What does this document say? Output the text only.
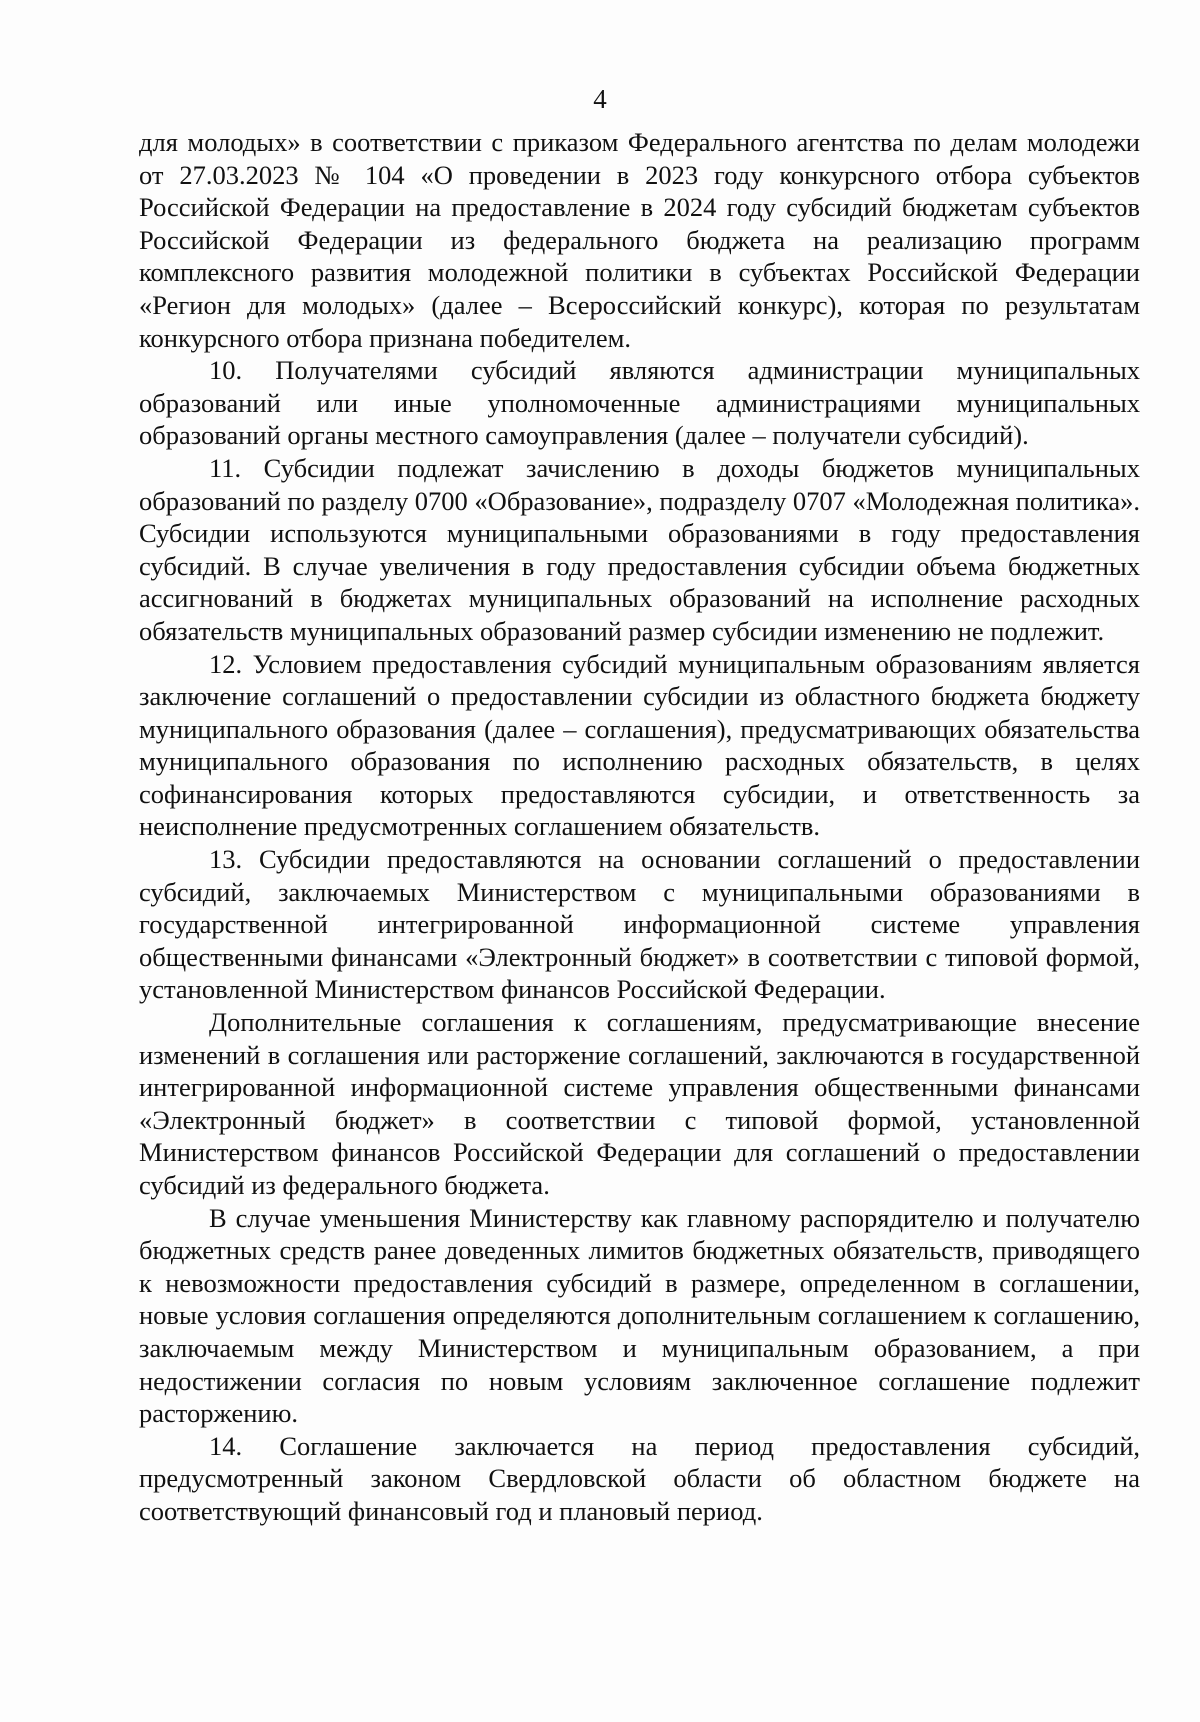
4

для молодых» в соответствии с приказом Федерального агентства по делам молодежи от 27.03.2023 № 104 «О проведении в 2023 году конкурсного отбора субъектов Российской Федерации на предоставление в 2024 году субсидий бюджетам субъектов Российской Федерации из федерального бюджета на реализацию программ комплексного развития молодежной политики в субъектах Российской Федерации «Регион для молодых» (далее – Всероссийский конкурс), которая по результатам конкурсного отбора признана победителем.

10. Получателями субсидий являются администрации муниципальных образований или иные уполномоченные администрациями муниципальных образований органы местного самоуправления (далее – получатели субсидий).

11. Субсидии подлежат зачислению в доходы бюджетов муниципальных образований по разделу 0700 «Образование», подразделу 0707 «Молодежная политика». Субсидии используются муниципальными образованиями в году предоставления субсидий. В случае увеличения в году предоставления субсидии объема бюджетных ассигнований в бюджетах муниципальных образований на исполнение расходных обязательств муниципальных образований размер субсидии изменению не подлежит.

12. Условием предоставления субсидий муниципальным образованиям является заключение соглашений о предоставлении субсидии из областного бюджета бюджету муниципального образования (далее – соглашения), предусматривающих обязательства муниципального образования по исполнению расходных обязательств, в целях софинансирования которых предоставляются субсидии, и ответственность за неисполнение предусмотренных соглашением обязательств.

13. Субсидии предоставляются на основании соглашений о предоставлении субсидий, заключаемых Министерством с муниципальными образованиями в государственной интегрированной информационной системе управления общественными финансами «Электронный бюджет» в соответствии с типовой формой, установленной Министерством финансов Российской Федерации.

Дополнительные соглашения к соглашениям, предусматривающие внесение изменений в соглашения или расторжение соглашений, заключаются в государственной интегрированной информационной системе управления общественными финансами «Электронный бюджет» в соответствии с типовой формой, установленной Министерством финансов Российской Федерации для соглашений о предоставлении субсидий из федерального бюджета.

В случае уменьшения Министерству как главному распорядителю и получателю бюджетных средств ранее доведенных лимитов бюджетных обязательств, приводящего к невозможности предоставления субсидий в размере, определенном в соглашении, новые условия соглашения определяются дополнительным соглашением к соглашению, заключаемым между Министерством и муниципальным образованием, а при недостижении согласия по новым условиям заключенное соглашение подлежит расторжению.

14. Соглашение заключается на период предоставления субсидий, предусмотренный законом Свердловской области об областном бюджете на соответствующий финансовый год и плановый период.
